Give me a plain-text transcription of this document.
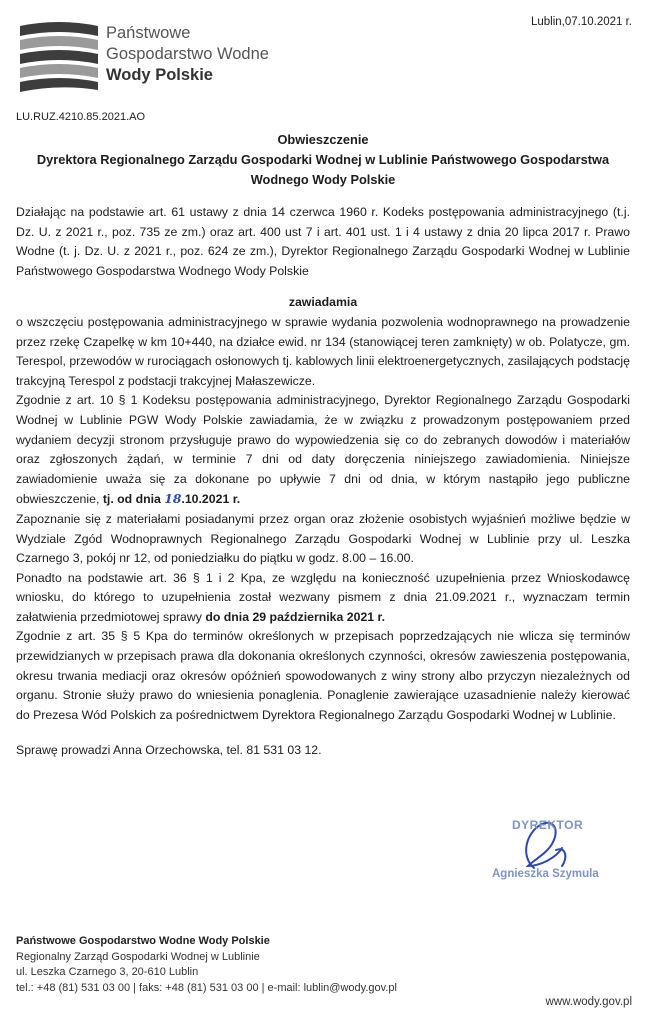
Państwowe
Gospodarstwo Wodne
Wody Polskie
Lublin,07.10.2021 r.
LU.RUZ.4210.85.2021.AO
Obwieszczenie
Dyrektora Regionalnego Zarządu Gospodarki Wodnej w Lublinie Państwowego Gospodarstwa
Wodnego Wody Polskie

Działając na podstawie art. 61 ustawy z dnia 14 czerwca 1960 r. Kodeks postępowania administracyjnego (t.j. Dz. U. z 2021 r., poz. 735 ze zm.) oraz art. 400 ust 7 i art. 401 ust. 1 i 4 ustawy z dnia 20 lipca 2017 r. Prawo Wodne (t. j. Dz. U. z 2021 r., poz. 624 ze zm.), Dyrektor Regionalnego Zarządu Gospodarki Wodnej w Lublinie Państwowego Gospodarstwa Wodnego Wody Polskie

zawiadamia

o wszczęciu postępowania administracyjnego w sprawie wydania pozwolenia wodnoprawnego na prowadzenie przez rzekę Czapelkę w km 10+440, na działce ewid. nr 134 (stanowiącej teren zamknięty) w ob. Polatycze, gm. Terespol, przewodów w rurociągach osłonowych tj. kablowych linii elektroenergetycznych, zasilających podstację trakcyjną Terespol z podstacji trakcyjnej Małaszewicze.

Zgodnie z art. 10 § 1 Kodeksu postępowania administracyjnego, Dyrektor Regionalnego Zarządu Gospodarki Wodnej w Lublinie PGW Wody Polskie zawiadamia, że w związku z prowadzonym postępowaniem przed wydaniem decyzji stronom przysługuje prawo do wypowiedzenia się co do zebranych dowodów i materiałów oraz zgłoszonych żądań, w terminie 7 dni od daty doręczenia niniejszego zawiadomienia. Niniejsze zawiadomienie uważa się za dokonane po upływie 7 dni od dnia, w którym nastąpiło jego publiczne obwieszczenie, tj. od dnia 18.10.2021 r.

Zapoznanie się z materiałami posiadanymi przez organ oraz złożenie osobistych wyjaśnień możliwe będzie w Wydziale Zgód Wodnoprawnych Regionalnego Zarządu Gospodarki Wodnej w Lublinie przy ul. Leszka Czarnego 3, pokój nr 12, od poniedziałku do piątku w godz. 8.00 – 16.00.

Ponadto na podstawie art. 36 § 1 i 2 Kpa, ze względu na konieczność uzupełnienia przez Wnioskodawcę wniosku, do którego to uzupełnienia został wezwany pismem z dnia 21.09.2021 r., wyznaczam termin załatwienia przedmiotowej sprawy do dnia 29 października 2021 r.

Zgodnie z art. 35 § 5 Kpa do terminów określonych w przepisach poprzedzających nie wlicza się terminów przewidzianych w przepisach prawa dla dokonania określonych czynności, okresów zawieszenia postępowania, okresu trwania mediacji oraz okresów opóźnień spowodowanych z winy strony albo przyczyn niezależnych od organu. Stronie służy prawo do wniesienia ponaglenia. Ponaglenie zawierające uzasadnienie należy kierować do Prezesa Wód Polskich za pośrednictwem Dyrektora Regionalnego Zarządu Gospodarki Wodnej w Lublinie.

Sprawę prowadzi Anna Orzechowska, tel. 81 531 03 12.

DYREKTOR
Agnieszka Szymula
Państwowe Gospodarstwo Wodne Wody Polskie
Regionalny Zarząd Gospodarki Wodnej w Lublinie
ul. Leszka Czarnego 3, 20-610 Lublin
tel.: +48 (81) 531 03 00 | faks: +48 (81) 531 03 00 | e-mail: lublin@wody.gov.pl
www.wody.gov.pl
